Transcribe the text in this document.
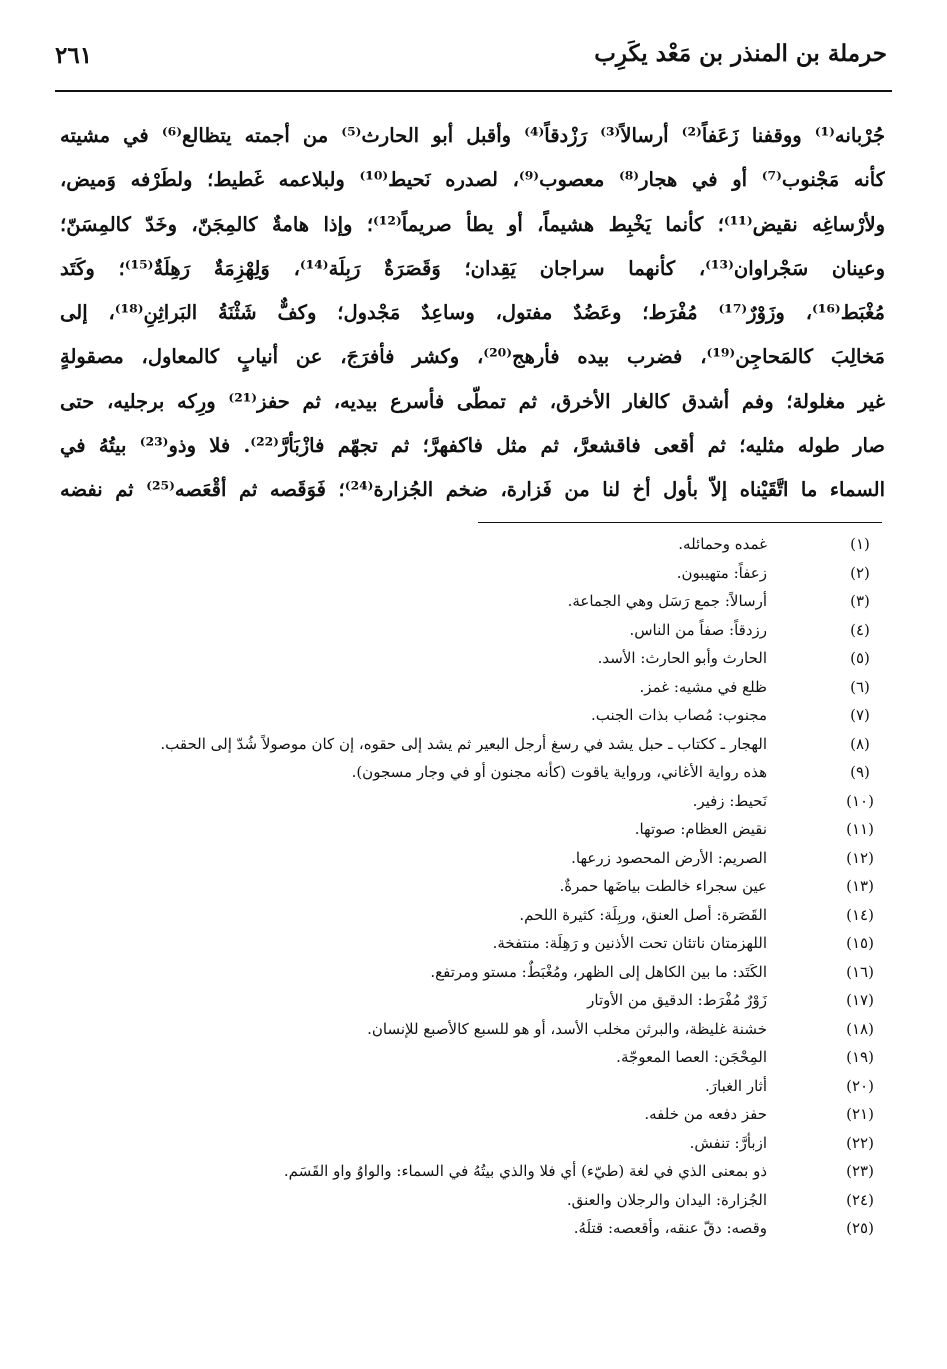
حرملة بن المنذر بن مَعْد يكَرِب
٢٦١
جُرْبانه⁽¹⁾ ووقفنا زَعَفاً⁽²⁾ أرسالاً⁽³⁾ رَزْدقاً⁽⁴⁾ وأقبل أبو الحارث⁽⁵⁾ من أجمته يتظالع⁽⁶⁾ في مشيته
كأنه مَجْنوب⁽⁷⁾ أو في هجار⁽⁸⁾ معصوب⁽⁹⁾، لصدره نَحيط⁽¹⁰⁾ ولبلاعمه غَطيط؛ ولطَرْفه وَميض،
ولأرْساغِه نقيض⁽¹¹⁾؛ كأنما يَخْبِط هشيماً، أو يطأ صريماً⁽¹²⁾؛ وإذا هامةٌ كالمِجَنّ، وخَدّ كالمِسَنّ؛
وعينان سَجْراوان⁽¹³⁾، كأنهما سراجان يَقِدان؛ وَقَصَرَةٌ رَبِلَة⁽¹⁴⁾، وَلِهْزِمَةٌ رَهِلَةٌ⁽¹⁵⁾؛ وكَتَد
مُغْبَط⁽¹⁶⁾، وزَوْرٌ⁽¹⁷⁾ مُفْرَط؛ وعَضُدٌ مفتول، وساعِدٌ مَجْدول؛ وكفٌّ شَثْنَةُ البَراثِنِ⁽¹⁸⁾، إلى
مَخالِبَ كالمَحاجِن⁽¹⁹⁾، فضرب بيده فأرهج⁽²⁰⁾، وكشر فأفرَجَ، عن أنيابٍ كالمعاول، مصقولةٍ
غير مغلولة؛ وفم أشدق كالغار الأخرق، ثم تمطّى فأسرع بيديه، ثم حفز⁽²¹⁾ ورِكه برجليه، حتى
صار طوله مثليه؛ ثم أقعى فاقشعرَّ، ثم مثل فاكفهرَّ؛ ثم تجهّم فازْبَأرَّ⁽²²⁾. فلا وذو⁽²³⁾ بيتُهُ في
السماء ما اتَّقَيْناه إلاّ بأول أخ لنا من فَزارة، ضخم الجُزارة⁽²⁴⁾؛ فَوَقَصه ثم أقْعَصه⁽²⁵⁾ ثم نفضه
(١)
غمده وحمائله.
(٢)
زعفاً: متهيبون.
(٣)
أرسالاً: جمع رَسَل وهي الجماعة.
(٤)
رزدقاً: صفاً من الناس.
(٥)
الحارث وأبو الحارث: الأسد.
(٦)
ظلع في مشيه: غمز.
(٧)
مجنوب: مُصاب بذات الجنب.
(٨)
الهجار ـ ككتاب ـ حبل يشد في رسغ أرجل البعير ثم يشد إلى حقوه، إن كان موصولاً شُدّ إلى الحقب.
(٩)
هذه رواية الأغاني، ورواية ياقوت (كأنه مجنون أو في وجار مسجون).
(١٠)
نَحيط: زفير.
(١١)
نقيض العظام: صوتها.
(١٢)
الصريم: الأرض المحصود زرعها.
(١٣)
عين سجراء خالطت بياضَها حمرةٌ.
(١٤)
القَصَرة: أصل العنق، وربِلَة: كثيرة اللحم.
(١٥)
اللهزمتان ناتئان تحت الأذنين و رَهِلَة: منتفخة.
(١٦)
الكَتَد: ما بين الكاهل إلى الظهر، ومُغْبَطٌ: مستو ومرتفع.
(١٧)
زَوْرٌ مُفْرَط: الدقيق من الأوتار
(١٨)
خشنة غليظة، والبرثن مخلب الأسد، أو هو للسبع كالأصبع للإنسان.
(١٩)
المِحْجَن: العصا المعوجّة.
(٢٠)
أثار الغبارَ.
(٢١)
حفز دفعه من خلفه.
(٢٢)
ازبأرَّ: تنفش.
(٢٣)
ذو بمعنى الذي في لغة (طيّء) أي فلا والذي بيتُهُ في السماء: والواوُ واو القَسَم.
(٢٤)
الجُزارة: اليدان والرجلان والعنق.
(٢٥)
وقصه: دقّ عنقه، وأقعصه: قتلَهُ.
